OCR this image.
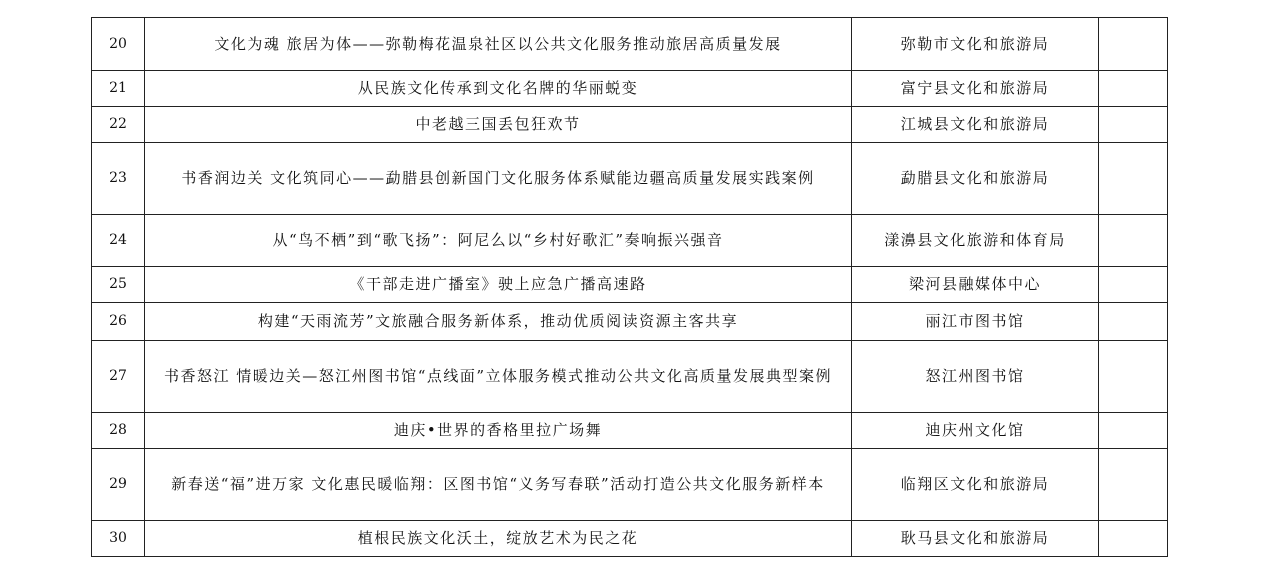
20	文化为魂 旅居为体——弥勒梅花温泉社区以公共文化服务推动旅居高质量发展	弥勒市文化和旅游局	
21	从民族文化传承到文化名牌的华丽蜕变	富宁县文化和旅游局	
22	中老越三国丢包狂欢节	江城县文化和旅游局	
23	书香润边关 文化筑同心——勐腊县创新国门文化服务体系赋能边疆高质量发展实践案例	勐腊县文化和旅游局	
24	从“鸟不栖”到“歌飞扬”：阿尼么以“乡村好歌汇”奏响振兴强音	漾濞县文化旅游和体育局	
25	《干部走进广播室》驶上应急广播高速路	梁河县融媒体中心	
26	构建“天雨流芳”文旅融合服务新体系，推动优质阅读资源主客共享	丽江市图书馆	
27	书香怒江 情暖边关—怒江州图书馆“点线面”立体服务模式推动公共文化高质量发展典型案例	怒江州图书馆	
28	迪庆•世界的香格里拉广场舞	迪庆州文化馆	
29	新春送“福”进万家 文化惠民暖临翔：区图书馆“义务写春联”活动打造公共文化服务新样本	临翔区文化和旅游局	
30	植根民族文化沃土，绽放艺术为民之花	耿马县文化和旅游局	
